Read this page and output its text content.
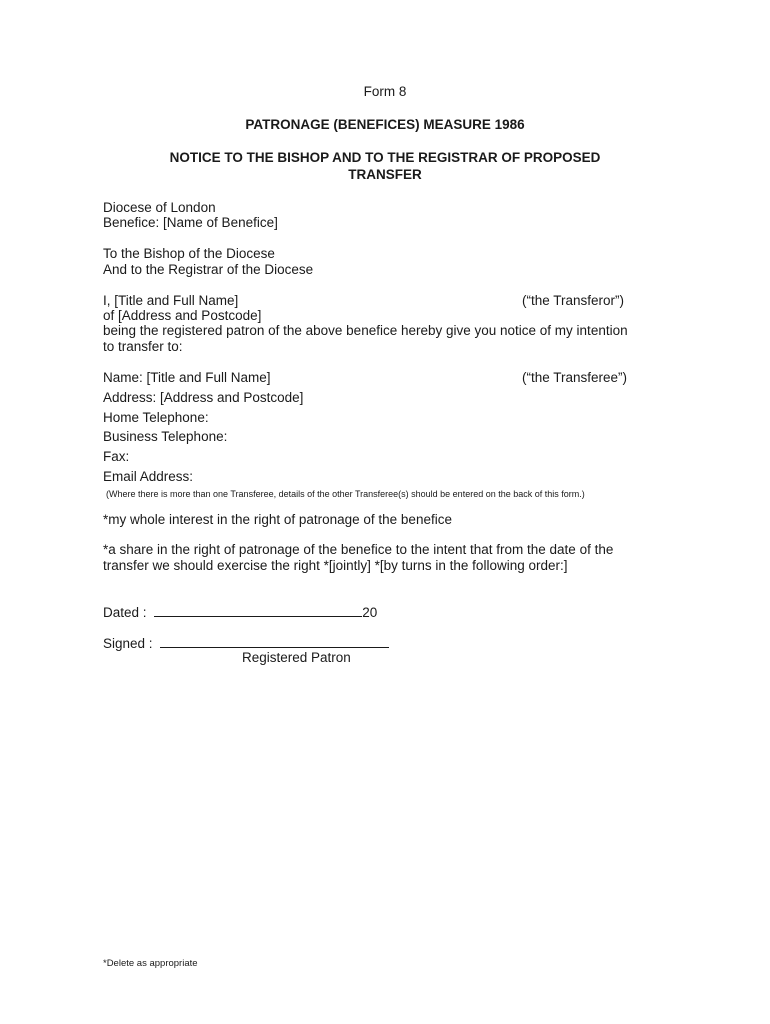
Form 8
PATRONAGE (BENEFICES) MEASURE 1986
NOTICE TO THE BISHOP AND TO THE REGISTRAR OF PROPOSED
TRANSFER
Diocese of London
Benefice: [Name of Benefice]
To the Bishop of the Diocese
And to the Registrar of the Diocese
I, [Title and Full Name]	(“the Transferor”)
of [Address and Postcode]
being the registered patron of the above benefice hereby give you notice of my intention
to transfer to:
Name: [Title and Full Name]	(“the Transferee”)
Address: [Address and Postcode]
Home Telephone:
Business Telephone:
Fax:
Email Address:
(Where there is more than one Transferee, details of the other Transferee(s) should be entered on the back of this form.)
*my whole interest in the right of patronage of the benefice
*a share in the right of patronage of the benefice to the intent that from the date of the
transfer we should exercise the right *[jointly] *[by turns in the following order:]
Dated :	20
Signed :
Registered Patron
*Delete as appropriate
